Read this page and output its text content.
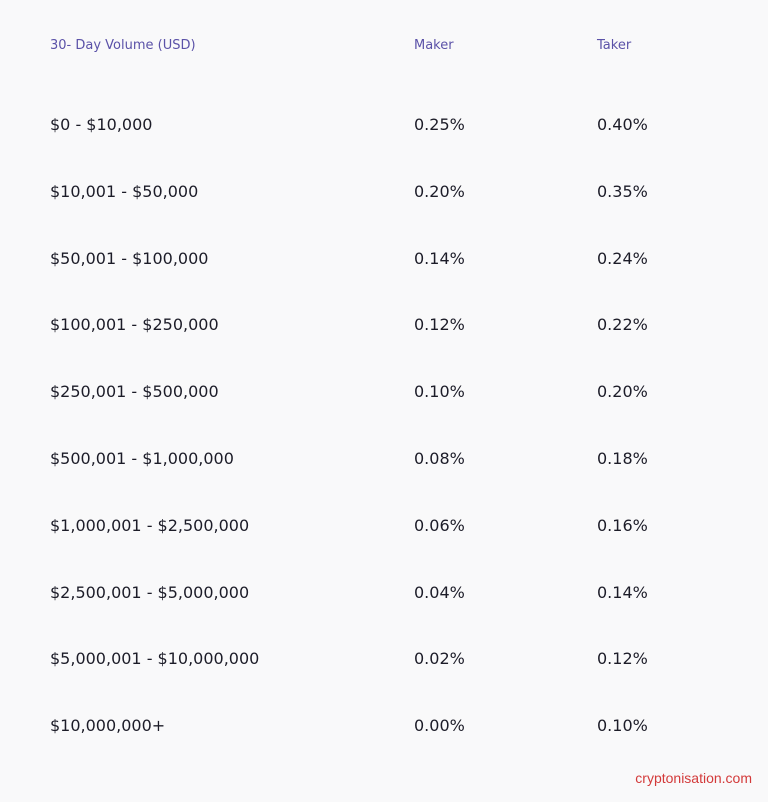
30- Day Volume (USD)	Maker	Taker
$0 - $10,000	0.25%	0.40%
$10,001 - $50,000	0.20%	0.35%
$50,001 - $100,000	0.14%	0.24%
$100,001 - $250,000	0.12%	0.22%
$250,001 - $500,000	0.10%	0.20%
$500,001 - $1,000,000	0.08%	0.18%
$1,000,001 - $2,500,000	0.06%	0.16%
$2,500,001 - $5,000,000	0.04%	0.14%
$5,000,001 - $10,000,000	0.02%	0.12%
$10,000,000+	0.00%	0.10%
cryptonisation.com
